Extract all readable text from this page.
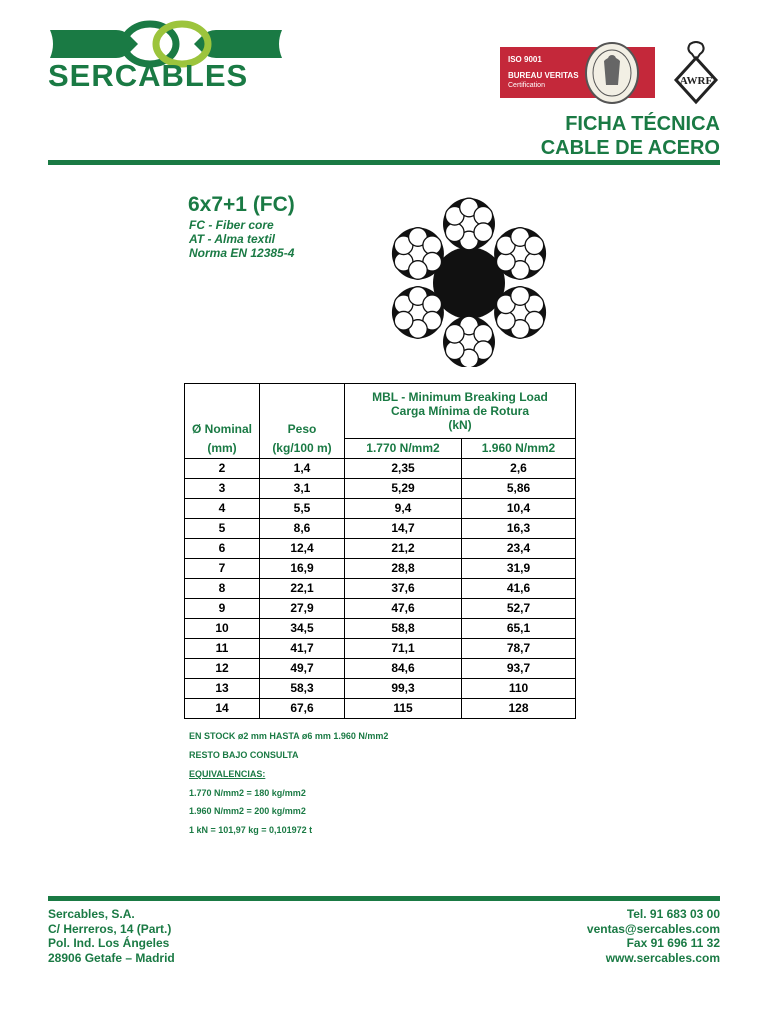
SERCABLES	ISO 9001
BUREAU VERITAS
Certification	AWRF
FICHA TÉCNICA
CABLE DE ACERO
6x7+1 (FC)
FC - Fiber core
AT - Alma textil
Norma EN 12385-4
Ø Nominal	Peso	MBL - Minimum Breaking Load
Carga Mínima de Rotura
(kN)	

(mm)	(kg/100 m)	1.770 N/mm2	1.960 N/mm2
2	1,4	2,35	2,6
3	3,1	5,29	5,86
4	5,5	9,4	10,4
5	8,6	14,7	16,3
6	12,4	21,2	23,4
7	16,9	28,8	31,9
8	22,1	37,6	41,6
9	27,9	47,6	52,7
10	34,5	58,8	65,1
11	41,7	71,1	78,7
12	49,7	84,6	93,7
13	58,3	99,3	110
14	67,6	115	128
EN STOCK ø2 mm HASTA ø6 mm 1.960 N/mm2
RESTO BAJO CONSULTA
EQUIVALENCIAS:
1.770 N/mm2 = 180 kg/mm2
1.960 N/mm2 = 200 kg/mm2
1 kN = 101,97 kg = 0,101972 t
Sercables, S.A.
C/ Herreros, 14 (Part.)
Pol. Ind. Los Ángeles
28906 Getafe – Madrid
Tel. 91 683 03 00
ventas@sercables.com
Fax 91 696 11 32
www.sercables.com
